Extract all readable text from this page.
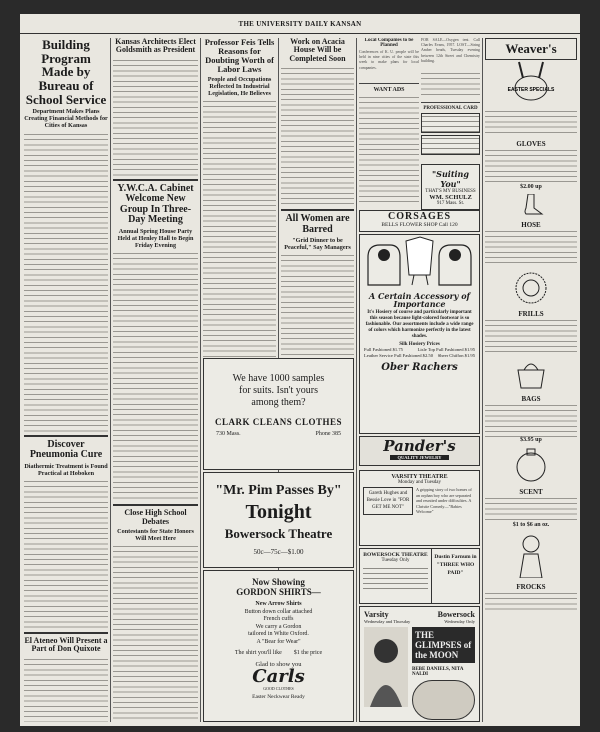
THE UNIVERSITY DAILY KANSAN
Building Program Made by Bureau of School Service
Department Makes Plans Creating Financial Methods for Cities of Kansas
Discover Pneumonia Cure
Diathermic Treatment is Found Practical at Hoboken
El Ateneo Will Present a Part of Don Quixote
Kansas Architects Elect Goldsmith as President
Y.W.C.A. Cabinet Welcome New Group In Three-Day Meeting
Annual Spring House Party Held at Henley Hall to Begin Friday Evening
Close High School Debates
Contestants for State Honors Will Meet Here
Professor Feis Tells Reasons for Doubting Worth of Labor Laws
People and Occupations Reflected In Industrial Legislation, He Believes
Work on Acacia House Will be Completed Soon
All Women are Barred
"Grid Dinner to be Peaceful," Say Managers
Local Companies to be Planned
Conferences of K. U. people will be held in nine cities of the state this week to make plans for local companies.
WANT ADS
FOR SALE—Oxygen tent. Call Charles Evans, 1957. LOST—String Amber beads, Tuesday evening between 12th Street and Chemistry building.
PROFESSIONAL CARD
"Suiting You"
THAT'S MY BUSINESS
WM. SCHULZ
917 Mass. St.
CORSAGES
BELLS FLOWER SHOP Call 120
A Certain Accessory of Importance
It's Hosiery of course and particularly important this season because light-colored footwear is so fashionable. Our assortments include a wide range of colors which harmonize perfectly in the latest shades.
Silk Hosiery Prices
Full Fashioned $1.75	Lisle Top Full Fashioned $1.95
Leather Service Full Fashioned $2.50 Sheer Chiffon $1.95
Ober Rachers
Pander's
QUALITY JEWELRY
We have 1000 samples
for suits. Isn't yours
among them?
CLARK CLEANS CLOTHES
730 Mass.	Phone 385
"Mr. Pim Passes By"
Tonight
Bowersock Theatre
50c—75c—$1.00
Now Showing
GORDON SHIRTS—
New Arrow Shirts
Button down collar attached
French cuffs
We carry a Gordon
tailored in White Oxford.
A "Bear for Wear"
The shirt you'll like        $1 the price
Glad to show you
Carls
GOOD CLOTHES
Easter Neckwear Ready
VARSITY THEATRE
Monday and Tuesday
Gareth Hughes and Bessie Love in "FOR GET ME NOT"
A gripping story of two homes of an orphan boy who are separated and reunited under difficulties. A Christie Comedy—"Babies Welcome"
BOWERSOCK THEATRE
Tuesday Only
Dustin Farnum in "THREE WHO PAID"
Varsity
Wednesday and Thursday
Bowersock
Wednesday Only
THE GLIMPSES of the MOON
BEBE DANIELS, NITA NALDI
Weaver's
EASTER SPECIALS
GLOVES
$2.00 up
HOSE
FRILLS
BAGS
$3.95 up
SCENT
$1 to $6 an oz.
FROCKS
